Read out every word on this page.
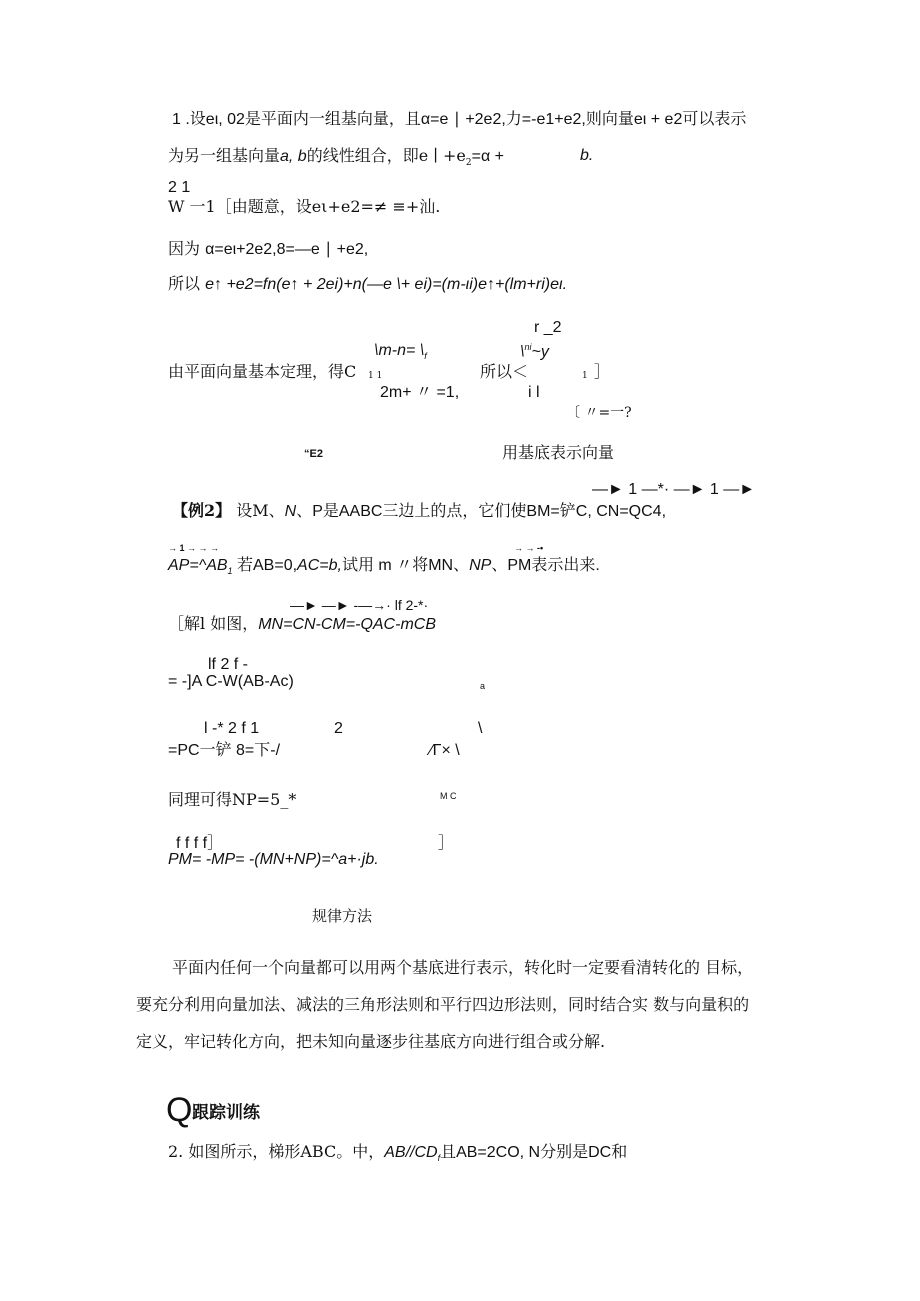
1 .设eι, 02是平面内一组基向量，且α=e ∣ +2e2,力=-e1+e2,则向量eι + e2可以表示
为另一组基向量a, b的线性组合，即e ∣ $+e_2=\alpha$ +	b.
2 1
W 一1［由题意，设eι+e2=≠ ≡+汕.
因为 α=eι+2e2,8=—e ∣ +e2,
所以 e↑ +e2=fn(e↑ + 2ei)+n(—e \+ ei)=(m-ιi)e↑+(lm+ri)eι.
r _2
\m-n= $\backslash_f$	\$^{ni}$~y
由平面向量基本定理，得C 1 1	所以＜	1 ］
2m+ 〃 =1,	i l
〔 〃=一?
“E2	用基底表示向量
—► 1 —*· —► 1 —►
【例2】 设M、N、P是AABC三边上的点，它们使BM=铲C, CN=QC4,
→ 1 → → →	→ → -•
$AP=\^{}AB_1$ 若AB=0,AC=b,试用 m 〃将MN、NP、PM表示出来.
—► —► -—→· lf 2-*·
［解l 如图，MN=CN-CM=-QAC-mCB
lf 2 f -
= -]A C-W(AB-Ac)	a
l -* 2 f 1	2	\
=PC一铲 8=下-/	⁄Γ× \
同理可得NP=5_*	M C
f f f f］	］
PM= -MP= -(MN+NP)=^a+·jb.
规律方法
平面内任何一个向量都可以用两个基底进行表示，转化时一定要看清转化的 目标，
要充分利用向量加法、减法的三角形法则和平行四边形法则，同时结合实 数与向量积的
定义，牢记转化方向，把未知向量逐步往基底方向进行组合或分解.
Q 跟踪训练
2. 如图所示，梯形ABC。中，$AB//CD_f$且AB=2CO, N分别是DC和
